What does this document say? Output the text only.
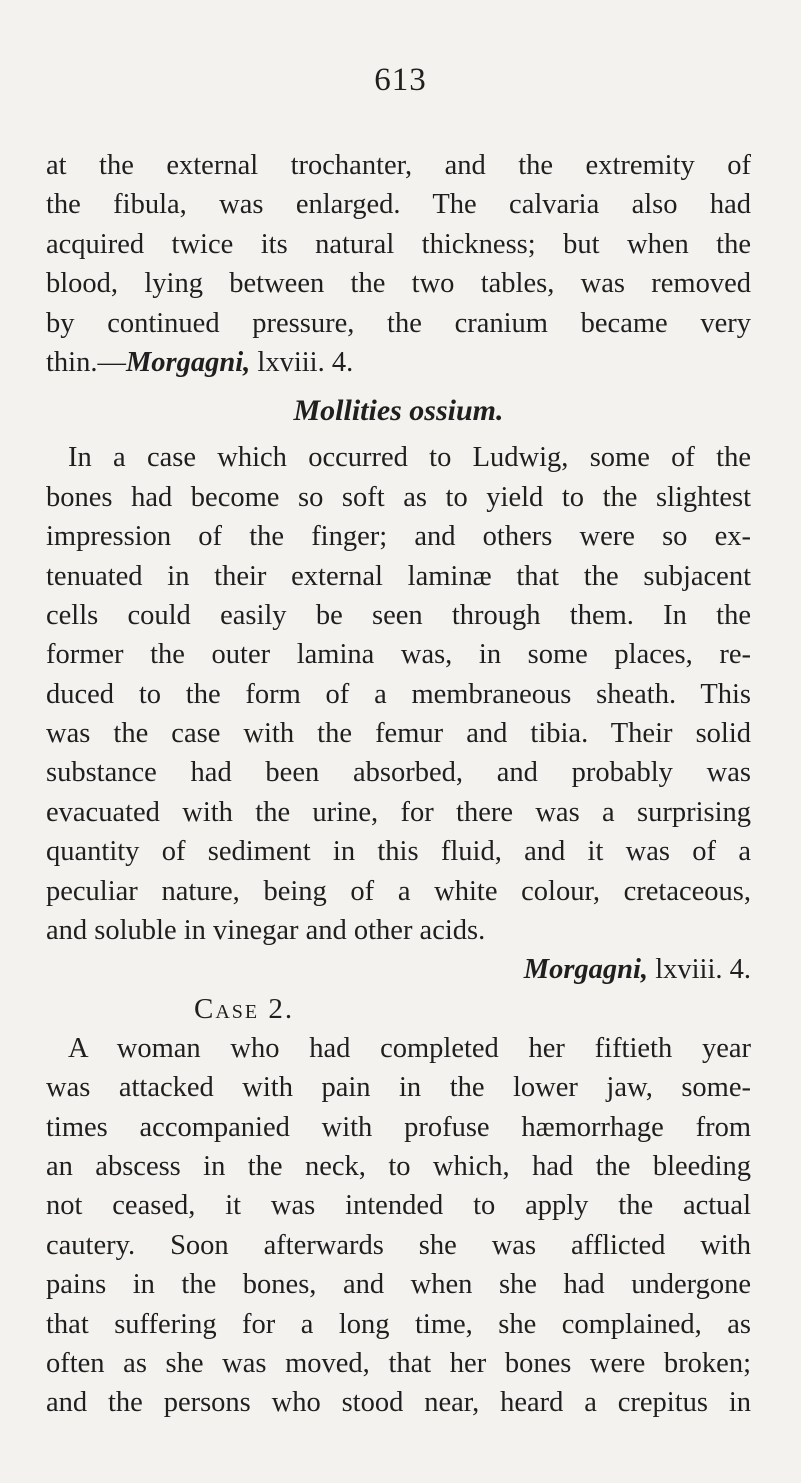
613
at the external trochanter, and the extremity of
the fibula, was enlarged. The calvaria also had
acquired twice its natural thickness; but when the
blood, lying between the two tables, was removed
by continued pressure, the cranium became very
thin.—Morgagni, lxviii. 4.
Mollities ossium.
In a case which occurred to Ludwig, some of the
bones had become so soft as to yield to the slightest
impression of the finger; and others were so ex-
tenuated in their external laminæ that the subjacent
cells could easily be seen through them. In the
former the outer lamina was, in some places, re-
duced to the form of a membraneous sheath. This
was the case with the femur and tibia. Their solid
substance had been absorbed, and probably was
evacuated with the urine, for there was a surprising
quantity of sediment in this fluid, and it was of a
peculiar nature, being of a white colour, cretaceous,
and soluble in vinegar and other acids.
Morgagni, lxviii. 4.
Case 2.
A woman who had completed her fiftieth year
was attacked with pain in the lower jaw, some-
times accompanied with profuse hæmorrhage from
an abscess in the neck, to which, had the bleeding
not ceased, it was intended to apply the actual
cautery. Soon afterwards she was afflicted with
pains in the bones, and when she had undergone
that suffering for a long time, she complained, as
often as she was moved, that her bones were broken;
and the persons who stood near, heard a crepitus in
